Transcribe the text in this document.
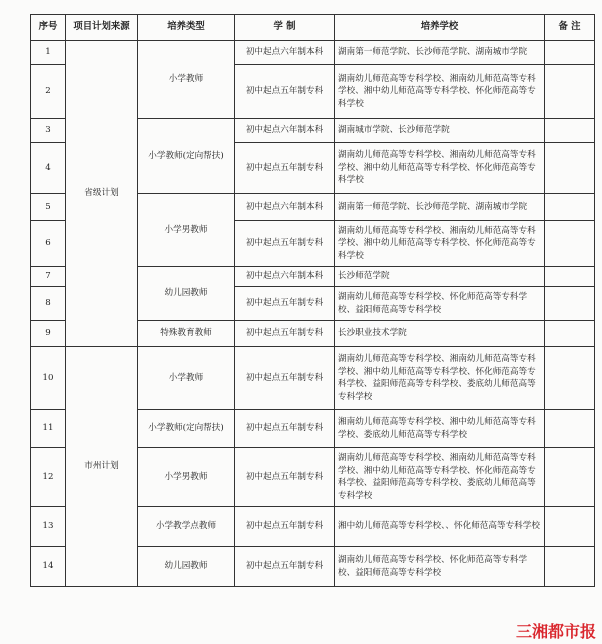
序号	项目计划来源	培养类型	学 制	培养学校	备 注
1	省级计划	小学教师	初中起点六年制本科	湖南第一师范学院、长沙师范学院、湖南城市学院	
2			初中起点五年制专科	湖南幼儿师范高等专科学校、湘南幼儿师范高等专科学校、湘中幼儿师范高等专科学校、怀化师范高等专科学校	
3		小学教师(定向帮扶)	初中起点六年制本科	湖南城市学院、长沙师范学院	
4			初中起点五年制专科	湖南幼儿师范高等专科学校、湘南幼儿师范高等专科学校、湘中幼儿师范高等专科学校、怀化师范高等专科学校	
5		小学男教师	初中起点六年制本科	湖南第一师范学院、长沙师范学院、湖南城市学院	
6			初中起点五年制专科	湖南幼儿师范高等专科学校、湘南幼儿师范高等专科学校、湘中幼儿师范高等专科学校、怀化师范高等专科学校	
7		幼儿园教师	初中起点六年制本科	长沙师范学院	
8			初中起点五年制专科	湖南幼儿师范高等专科学校、怀化师范高等专科学校、益阳师范高等专科学校	
9		特殊教育教师	初中起点五年制专科	长沙职业技术学院	
10	市州计划	小学教师	初中起点五年制专科	湖南幼儿师范高等专科学校、湘南幼儿师范高等专科学校、湘中幼儿师范高等专科学校、怀化师范高等专科学校、益阳师范高等专科学校、娄底幼儿师范高等专科学校	
11		小学教师(定向帮扶)	初中起点五年制专科	湘南幼儿师范高等专科学校、湘中幼儿师范高等专科学校、娄底幼儿师范高等专科学校	
12		小学男教师	初中起点五年制专科	湖南幼儿师范高等专科学校、湘南幼儿师范高等专科学校、湘中幼儿师范高等专科学校、怀化师范高等专科学校、益阳师范高等专科学校、娄底幼儿师范高等专科学校	
13		小学教学点教师	初中起点五年制专科	湘中幼儿师范高等专科学校、、怀化师范高等专科学校	
14		幼儿园教师	初中起点五年制专科	湖南幼儿师范高等专科学校、怀化师范高等专科学校、益阳师范高等专科学校	
三湘都市报
